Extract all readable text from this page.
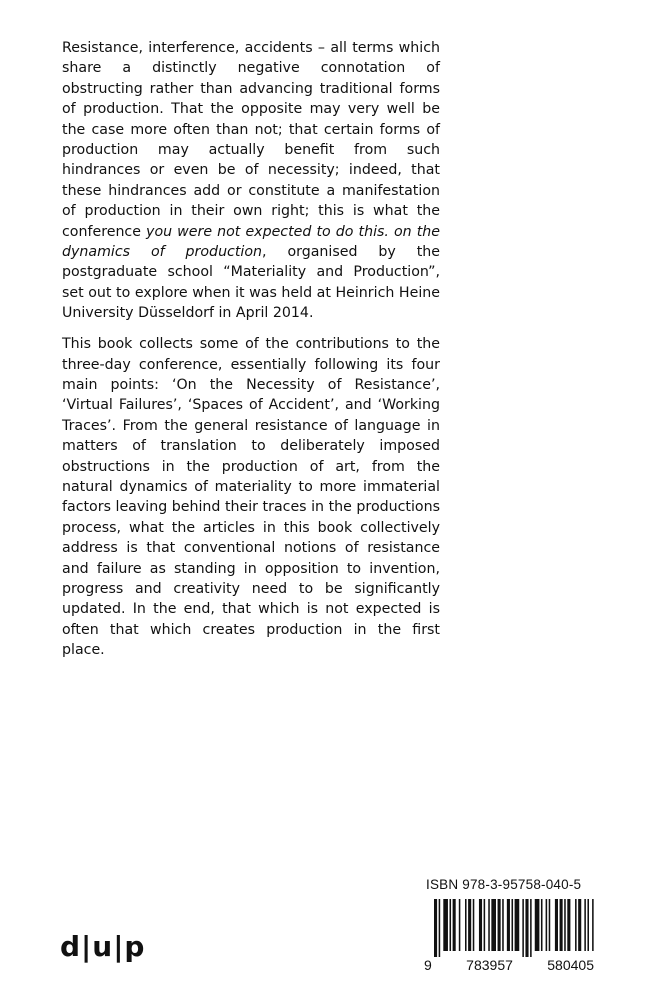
Resistance, interference, accidents – all terms which share a distinctly negative connotation of obstructing rather than advancing traditional forms of production. That the opposite may very well be the case more often than not; that certain forms of production may actually benefit from such hindrances or even be of necessity; indeed, that these hindrances add or constitute a manifestation of production in their own right; this is what the conference you were not expected to do this. on the dynamics of production, organised by the postgraduate school “Materiality and Production”, set out to explore when it was held at Heinrich Heine University Düsseldorf in April 2014.

This book collects some of the contributions to the three-day conference, essentially following its four main points: ‘On the Necessity of Resistance’, ‘Virtual Failures’, ‘Spaces of Accident’, and ‘Working Traces’. From the general resistance of language in matters of translation to deliberately imposed obstructions in the production of art, from the natural dynamics of materiality to more immaterial factors leaving behind their traces in the productions process, what the articles in this book collectively address is that conventional notions of resistance and failure as standing in opposition to invention, progress and creativity need to be significantly updated. In the end, that which is not expected is often that which creates production in the first place.

d|u|p
ISBN 978-3-95758-040-5
9 783957 580405
